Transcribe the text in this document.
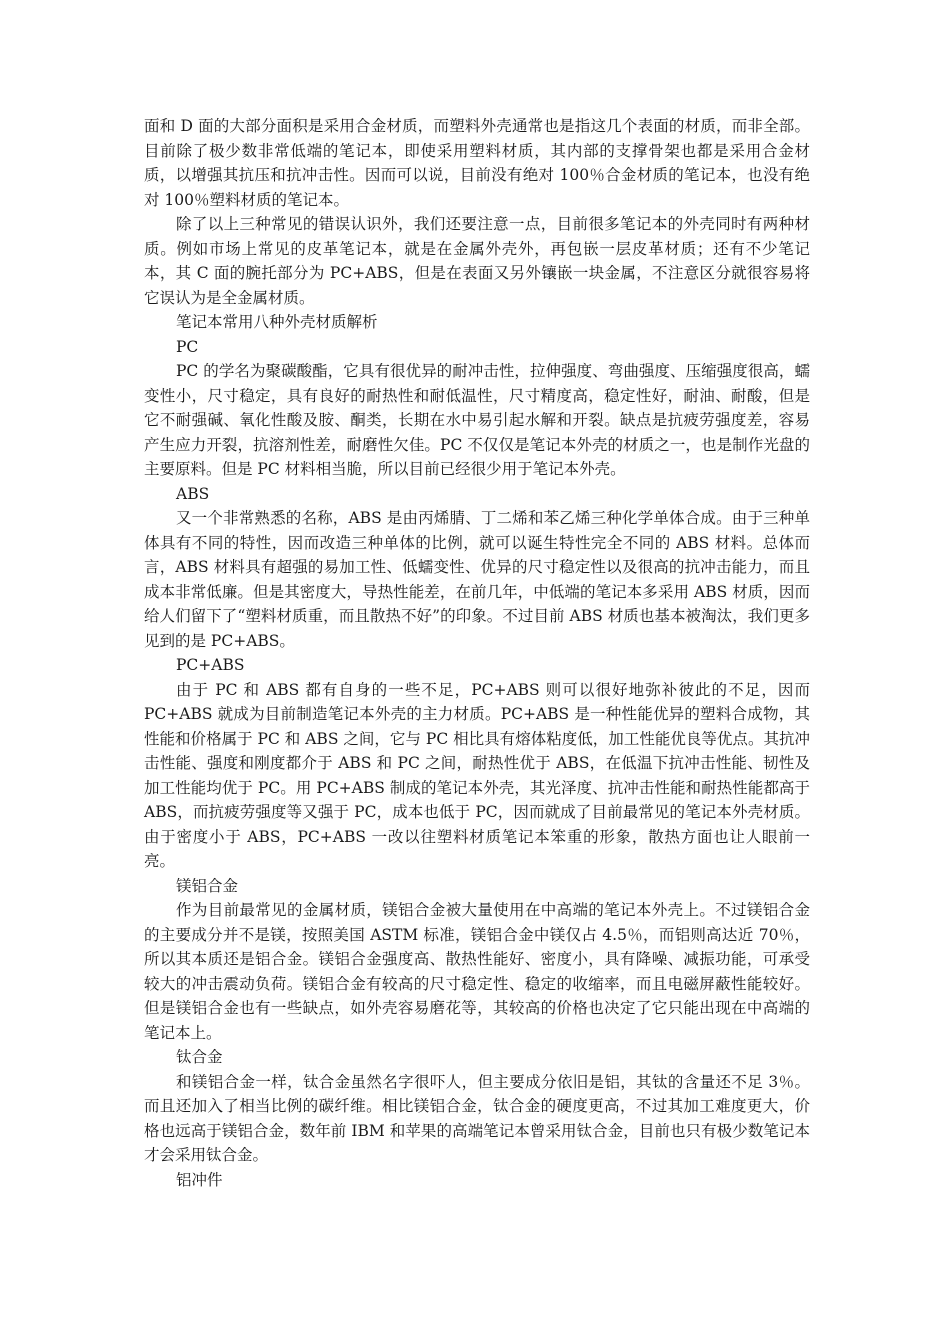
面和 D 面的大部分面积是采用合金材质，而塑料外壳通常也是指这几个表面的材质，而非全部。目前除了极少数非常低端的笔记本，即使采用塑料材质，其内部的支撑骨架也都是采用合金材质，以增强其抗压和抗冲击性。因而可以说，目前没有绝对 100％合金材质的笔记本，也没有绝对 100％塑料材质的笔记本。

除了以上三种常见的错误认识外，我们还要注意一点，目前很多笔记本的外壳同时有两种材质。例如市场上常见的皮革笔记本，就是在金属外壳外，再包嵌一层皮革材质；还有不少笔记本，其 C 面的腕托部分为 PC+ABS，但是在表面又另外镶嵌一块金属，不注意区分就很容易将它误认为是全金属材质。

笔记本常用八种外壳材质解析

PC

PC 的学名为聚碳酸酯，它具有很优异的耐冲击性，拉伸强度、弯曲强度、压缩强度很高，蠕变性小，尺寸稳定，具有良好的耐热性和耐低温性，尺寸精度高，稳定性好，耐油、耐酸，但是它不耐强碱、氧化性酸及胺、酮类，长期在水中易引起水解和开裂。缺点是抗疲劳强度差，容易产生应力开裂，抗溶剂性差，耐磨性欠佳。PC 不仅仅是笔记本外壳的材质之一，也是制作光盘的主要原料。但是 PC 材料相当脆，所以目前已经很少用于笔记本外壳。

ABS

又一个非常熟悉的名称，ABS 是由丙烯腈、丁二烯和苯乙烯三种化学单体合成。由于三种单体具有不同的特性，因而改造三种单体的比例，就可以诞生特性完全不同的 ABS 材料。总体而言，ABS 材料具有超强的易加工性、低蠕变性、优异的尺寸稳定性以及很高的抗冲击能力，而且成本非常低廉。但是其密度大，导热性能差，在前几年，中低端的笔记本多采用 ABS 材质，因而给人们留下了“塑料材质重，而且散热不好”的印象。不过目前 ABS 材质也基本被淘汰，我们更多见到的是 PC+ABS。

PC+ABS

由于 PC 和 ABS 都有自身的一些不足，PC+ABS 则可以很好地弥补彼此的不足，因而 PC+ABS 就成为目前制造笔记本外壳的主力材质。PC+ABS 是一种性能优异的塑料合成物，其性能和价格属于 PC 和 ABS 之间，它与 PC 相比具有熔体粘度低，加工性能优良等优点。其抗冲击性能、强度和刚度都介于 ABS 和 PC 之间，耐热性优于 ABS，在低温下抗冲击性能、韧性及加工性能均优于 PC。用 PC+ABS 制成的笔记本外壳，其光泽度、抗冲击性能和耐热性能都高于 ABS，而抗疲劳强度等又强于 PC，成本也低于 PC，因而就成了目前最常见的笔记本外壳材质。由于密度小于 ABS，PC+ABS 一改以往塑料材质笔记本笨重的形象，散热方面也让人眼前一亮。

镁铝合金

作为目前最常见的金属材质，镁铝合金被大量使用在中高端的笔记本外壳上。不过镁铝合金的主要成分并不是镁，按照美国 ASTM 标准，镁铝合金中镁仅占 4.5％，而铝则高达近 70％，所以其本质还是铝合金。镁铝合金强度高、散热性能好、密度小，具有降噪、减振功能，可承受较大的冲击震动负荷。镁铝合金有较高的尺寸稳定性、稳定的收缩率，而且电磁屏蔽性能较好。但是镁铝合金也有一些缺点，如外壳容易磨花等，其较高的价格也决定了它只能出现在中高端的笔记本上。

钛合金

和镁铝合金一样，钛合金虽然名字很吓人，但主要成分依旧是铝，其钛的含量还不足 3％。而且还加入了相当比例的碳纤维。相比镁铝合金，钛合金的硬度更高，不过其加工难度更大，价格也远高于镁铝合金，数年前 IBM 和苹果的高端笔记本曾采用钛合金，目前也只有极少数笔记本才会采用钛合金。

铝冲件
